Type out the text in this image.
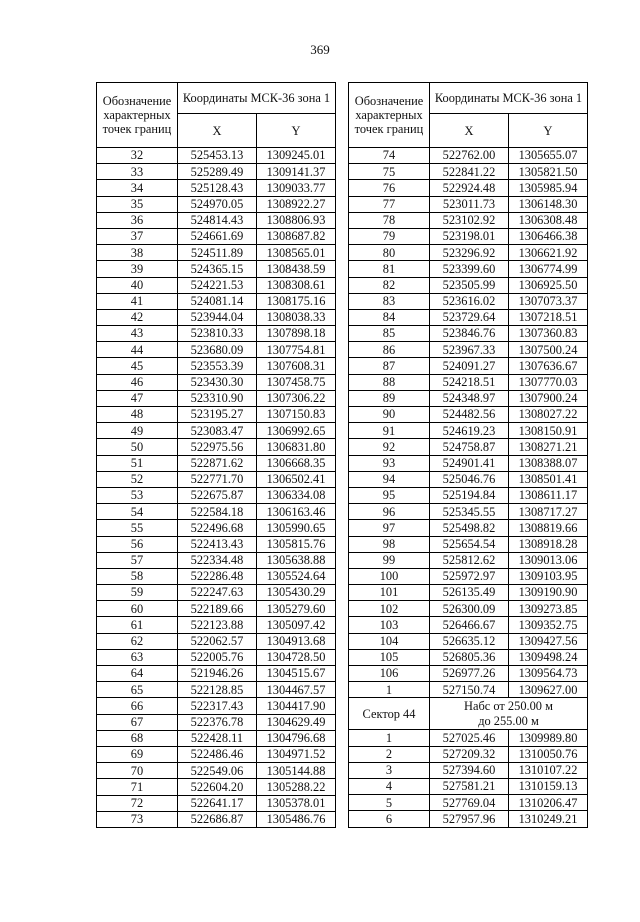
369
Обозначение характерных точек границ	Координаты МСК-36 зона 1	
	X	Y
32	525453.13	1309245.01
33	525289.49	1309141.37
34	525128.43	1309033.77
35	524970.05	1308922.27
36	524814.43	1308806.93
37	524661.69	1308687.82
38	524511.89	1308565.01
39	524365.15	1308438.59
40	524221.53	1308308.61
41	524081.14	1308175.16
42	523944.04	1308038.33
43	523810.33	1307898.18
44	523680.09	1307754.81
45	523553.39	1307608.31
46	523430.30	1307458.75
47	523310.90	1307306.22
48	523195.27	1307150.83
49	523083.47	1306992.65
50	522975.56	1306831.80
51	522871.62	1306668.35
52	522771.70	1306502.41
53	522675.87	1306334.08
54	522584.18	1306163.46
55	522496.68	1305990.65
56	522413.43	1305815.76
57	522334.48	1305638.88
58	522286.48	1305524.64
59	522247.63	1305430.29
60	522189.66	1305279.60
61	522123.88	1305097.42
62	522062.57	1304913.68
63	522005.76	1304728.50
64	521946.26	1304515.67
65	522128.85	1304467.57
66	522317.43	1304417.90
67	522376.78	1304629.49
68	522428.11	1304796.68
69	522486.46	1304971.52
70	522549.06	1305144.88
71	522604.20	1305288.22
72	522641.17	1305378.01
73	522686.87	1305486.76
Обозначение характерных точек границ	Координаты МСК-36 зона 1	
	X	Y
74	522762.00	1305655.07
75	522841.22	1305821.50
76	522924.48	1305985.94
77	523011.73	1306148.30
78	523102.92	1306308.48
79	523198.01	1306466.38
80	523296.92	1306621.92
81	523399.60	1306774.99
82	523505.99	1306925.50
83	523616.02	1307073.37
84	523729.64	1307218.51
85	523846.76	1307360.83
86	523967.33	1307500.24
87	524091.27	1307636.67
88	524218.51	1307770.03
89	524348.97	1307900.24
90	524482.56	1308027.22
91	524619.23	1308150.91
92	524758.87	1308271.21
93	524901.41	1308388.07
94	525046.76	1308501.41
95	525194.84	1308611.17
96	525345.55	1308717.27
97	525498.82	1308819.66
98	525654.54	1308918.28
99	525812.62	1309013.06
100	525972.97	1309103.95
101	526135.49	1309190.90
102	526300.09	1309273.85
103	526466.67	1309352.75
104	526635.12	1309427.56
105	526805.36	1309498.24
106	526977.26	1309564.73
1	527150.74	1309627.00
Сектор 44	Набс от 250.00 м
до 255.00 м	

1	527025.46	1309989.80
2	527209.32	1310050.76
3	527394.60	1310107.22
4	527581.21	1310159.13
5	527769.04	1310206.47
6	527957.96	1310249.21
